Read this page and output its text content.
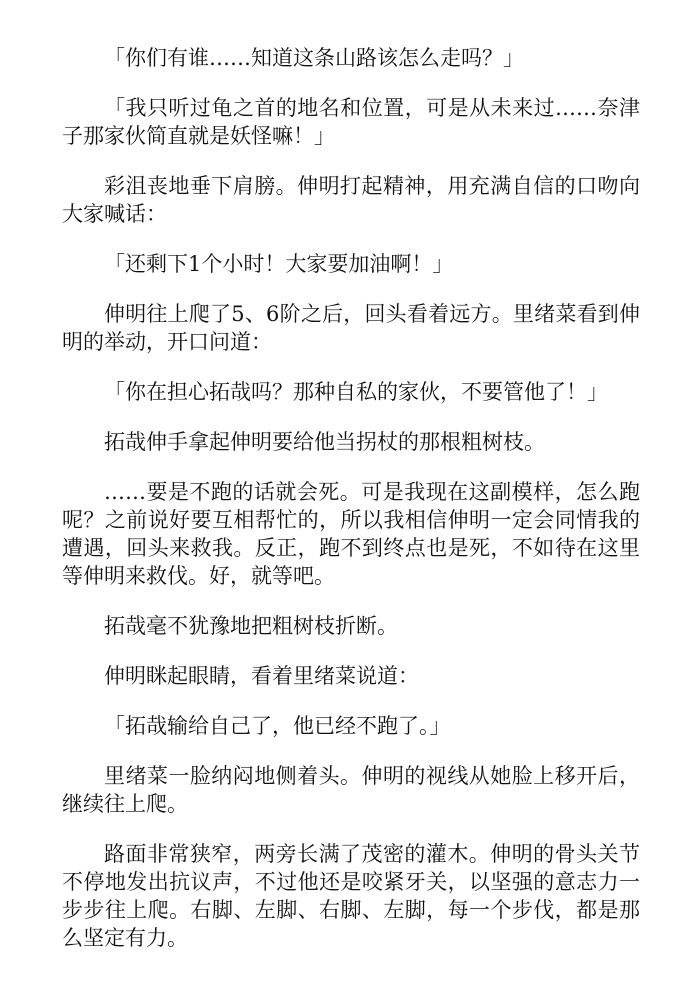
「你们有谁……知道这条山路该怎么走吗？」

「我只听过龟之首的地名和位置，可是从未来过……奈津子那家伙简直就是妖怪嘛！」

彩沮丧地垂下肩膀。伸明打起精神，用充满自信的口吻向大家喊话：

「还剩下1个小时！大家要加油啊！」

伸明往上爬了5、6阶之后，回头看着远方。里绪菜看到伸明的举动，开口问道：

「你在担心拓哉吗？那种自私的家伙，不要管他了！」

拓哉伸手拿起伸明要给他当拐杖的那根粗树枝。

……要是不跑的话就会死。可是我现在这副模样，怎么跑呢？之前说好要互相帮忙的，所以我相信伸明一定会同情我的遭遇，回头来救我。反正，跑不到终点也是死，不如待在这里等伸明来救伐。好，就等吧。

拓哉毫不犹豫地把粗树枝折断。

伸明眯起眼睛，看着里绪菜说道：

「拓哉输给自己了，他已经不跑了。」

里绪菜一脸纳闷地侧着头。伸明的视线从她脸上移开后，继续往上爬。

路面非常狭窄，两旁长满了茂密的灌木。伸明的骨头关节不停地发出抗议声，不过他还是咬紧牙关，以坚强的意志力一步步往上爬。右脚、左脚、右脚、左脚，每一个步伐，都是那么坚定有力。
